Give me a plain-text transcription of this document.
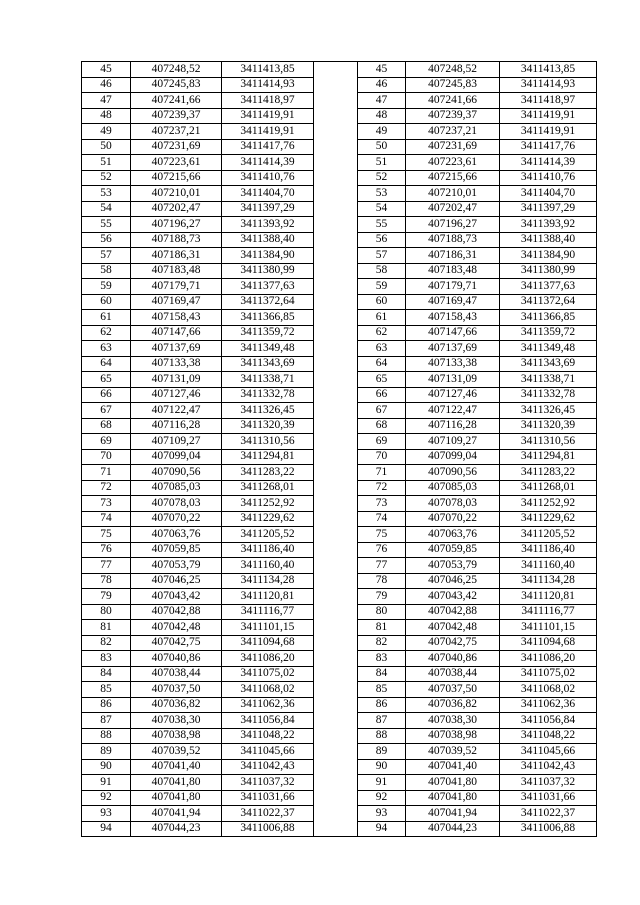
45	407248,52	3411413,85		45	407248,52	3411413,85
46	407245,83	3411414,93		46	407245,83	3411414,93
47	407241,66	3411418,97		47	407241,66	3411418,97
48	407239,37	3411419,91		48	407239,37	3411419,91
49	407237,21	3411419,91		49	407237,21	3411419,91
50	407231,69	3411417,76		50	407231,69	3411417,76
51	407223,61	3411414,39		51	407223,61	3411414,39
52	407215,66	3411410,76		52	407215,66	3411410,76
53	407210,01	3411404,70		53	407210,01	3411404,70
54	407202,47	3411397,29		54	407202,47	3411397,29
55	407196,27	3411393,92		55	407196,27	3411393,92
56	407188,73	3411388,40		56	407188,73	3411388,40
57	407186,31	3411384,90		57	407186,31	3411384,90
58	407183,48	3411380,99		58	407183,48	3411380,99
59	407179,71	3411377,63		59	407179,71	3411377,63
60	407169,47	3411372,64		60	407169,47	3411372,64
61	407158,43	3411366,85		61	407158,43	3411366,85
62	407147,66	3411359,72		62	407147,66	3411359,72
63	407137,69	3411349,48		63	407137,69	3411349,48
64	407133,38	3411343,69		64	407133,38	3411343,69
65	407131,09	3411338,71		65	407131,09	3411338,71
66	407127,46	3411332,78		66	407127,46	3411332,78
67	407122,47	3411326,45		67	407122,47	3411326,45
68	407116,28	3411320,39		68	407116,28	3411320,39
69	407109,27	3411310,56		69	407109,27	3411310,56
70	407099,04	3411294,81		70	407099,04	3411294,81
71	407090,56	3411283,22		71	407090,56	3411283,22
72	407085,03	3411268,01		72	407085,03	3411268,01
73	407078,03	3411252,92		73	407078,03	3411252,92
74	407070,22	3411229,62		74	407070,22	3411229,62
75	407063,76	3411205,52		75	407063,76	3411205,52
76	407059,85	3411186,40		76	407059,85	3411186,40
77	407053,79	3411160,40		77	407053,79	3411160,40
78	407046,25	3411134,28		78	407046,25	3411134,28
79	407043,42	3411120,81		79	407043,42	3411120,81
80	407042,88	3411116,77		80	407042,88	3411116,77
81	407042,48	3411101,15		81	407042,48	3411101,15
82	407042,75	3411094,68		82	407042,75	3411094,68
83	407040,86	3411086,20		83	407040,86	3411086,20
84	407038,44	3411075,02		84	407038,44	3411075,02
85	407037,50	3411068,02		85	407037,50	3411068,02
86	407036,82	3411062,36		86	407036,82	3411062,36
87	407038,30	3411056,84		87	407038,30	3411056,84
88	407038,98	3411048,22		88	407038,98	3411048,22
89	407039,52	3411045,66		89	407039,52	3411045,66
90	407041,40	3411042,43		90	407041,40	3411042,43
91	407041,80	3411037,32		91	407041,80	3411037,32
92	407041,80	3411031,66		92	407041,80	3411031,66
93	407041,94	3411022,37		93	407041,94	3411022,37
94	407044,23	3411006,88		94	407044,23	3411006,88
